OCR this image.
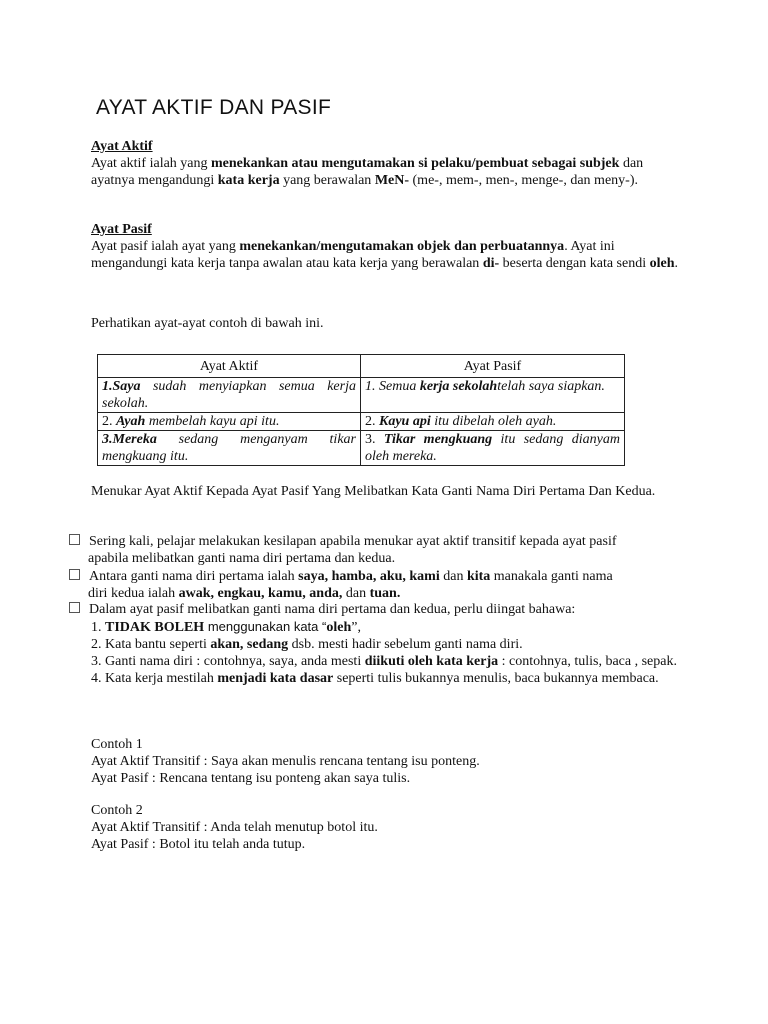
AYAT AKTIF DAN PASIF

Ayat Aktif

Ayat aktif ialah yang menekankan atau mengutamakan si pelaku/pembuat sebagai subjek dan ayatnya mengandungi kata kerja yang berawalan MeN- (me-, mem-, men-, menge-, dan meny-).

Ayat Pasif

Ayat pasif ialah ayat yang menekankan/mengutamakan objek dan perbuatannya. Ayat ini mengandungi kata kerja tanpa awalan atau kata kerja yang berawalan di- beserta dengan kata sendi oleh.

Perhatikan ayat-ayat contoh di bawah ini.
Ayat Aktif	Ayat Pasif
1.Saya sudah menyiapkan semua kerja sekolah.	1. Semua kerja sekolahtelah saya siapkan.
2. Ayah membelah kayu api itu.	2. Kayu api itu dibelah oleh ayah.
3.Mereka sedang menganyam tikar mengkuang itu.	3. Tikar mengkuang itu sedang dianyam oleh mereka.
Menukar Ayat Aktif Kepada Ayat Pasif Yang Melibatkan Kata Ganti Nama Diri Pertama Dan Kedua.
Sering kali, pelajar melakukan kesilapan apabila menukar ayat aktif transitif kepada ayat pasif
apabila melibatkan ganti nama diri pertama dan kedua.
Antara ganti nama diri pertama ialah saya, hamba, aku, kami dan kita manakala ganti nama
diri kedua ialah awak, engkau, kamu, anda, dan tuan.
Dalam ayat pasif melibatkan ganti nama diri pertama dan kedua, perlu diingat bahawa:

1. TIDAK BOLEH menggunakan kata “oleh”,

2. Kata bantu seperti akan, sedang dsb. mesti hadir sebelum ganti nama diri.

3. Ganti nama diri : contohnya, saya, anda mesti diikuti oleh kata kerja : contohnya, tulis, baca , sepak.

4. Kata kerja mestilah menjadi kata dasar seperti tulis bukannya menulis, baca bukannya membaca.

Contoh 1

Ayat Aktif Transitif : Saya akan menulis rencana tentang isu ponteng.

Ayat Pasif : Rencana tentang isu ponteng akan saya tulis.

Contoh 2

Ayat Aktif Transitif : Anda telah menutup botol itu.

Ayat Pasif : Botol itu telah anda tutup.
